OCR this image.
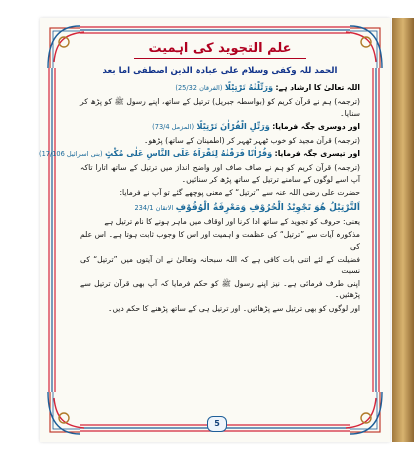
علم التجوید کی اہمیت
الحمد للہ وکفی وسلام علی عبادہ الذین اصطفی اما بعد
اللہ تعالیٰ کا ارشاد ہے: وَرَتِّلْنٰهُ تَرْتِيْلًا (الفرقان 25/32)
(ترجمہ) ہم نے قرآن کریم کو (بواسطہ جبریل) ترتیل کے ساتھ، اپنے رسول ﷺ کو پڑھ کر سنایا۔
اور دوسری جگہ فرمایا: وَرَتِّلِ الْقُرْاٰنَ تَرْتِيْلًا (المزمل 73/4)
(ترجمہ) قرآن مجید کو خوب ٹھہر ٹھہر کر (اطمینان کے ساتھ) پڑھو۔
اور تیسری جگہ فرمایا: وَقُرْاٰنًا فَرَقْنٰهُ لِتَقْرَاَهٗ عَلَى النَّاسِ عَلٰى مُكْثٍ (بنی اسرائیل 17/106)
(ترجمہ) قرآن کریم کو ہم نے صاف صاف اور واضح انداز میں ترتیل کے ساتھ اتارا تاکہ آپ اسے لوگوں کے سامنے ترتیل کے ساتھ پڑھ کر سنائیں۔
حضرت علی رضی اللہ عنہ سے ”ترتیل“ کے معنی پوچھے گئے تو آپ نے فرمایا:
اَلتَّرْتِيْلُ هُوَ تَجْوِيْدُ الْحُرُوْفِ وَمَعْرِفَةُ الْوُقُوْفِ الاتقان 234/1
یعنی: حروف کو تجوید کے ساتھ ادا کرنا اور اوقاف میں ماہر ہونے کا نام ترتیل ہے
مذکورہ آیات سے ”ترتیل“ کی عظمت و اہمیت اور اس کا وجوب ثابت ہوتا ہے۔ اس علم کی
فضیلت کے لئے اتنی بات کافی ہے کہ اللہ سبحانہ وتعالیٰ نے ان آیتوں میں ”ترتیل“ کی نسبت
اپنی طرف فرمائی ہے۔ نیز اپنے رسول ﷺ کو حکم فرمایا کہ آپ بھی قرآن ترتیل سے پڑھئیں۔
اور لوگوں کو بھی ترتیل سے پڑھائیں۔ اور ترتیل ہی کے ساتھ پڑھنے کا حکم دیں۔
5
